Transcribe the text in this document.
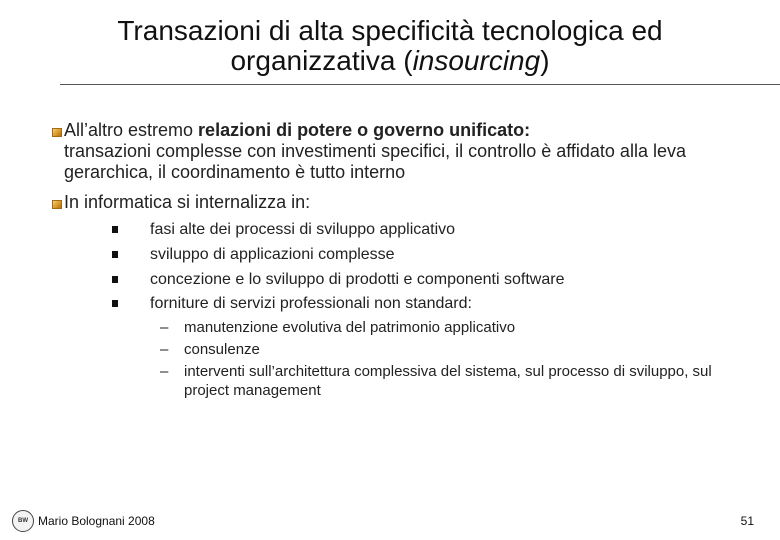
Transazioni di alta specificità tecnologica ed
organizzativa (insourcing)
All’altro estremo relazioni di potere o governo unificato:
transazioni complesse con investimenti specifici, il controllo è affidato alla leva gerarchica, il coordinamento è tutto interno
In informatica si internalizza in:
fasi alte dei processi di sviluppo applicativo
sviluppo di applicazioni complesse
concezione e lo sviluppo di prodotti e componenti software
forniture di servizi professionali non standard:
– manutenzione evolutiva del patrimonio applicativo
– consulenze
– interventi sull’architettura complessiva del sistema, sul processo di sviluppo, sul project management
BW Mario Bolognani 2008	51
